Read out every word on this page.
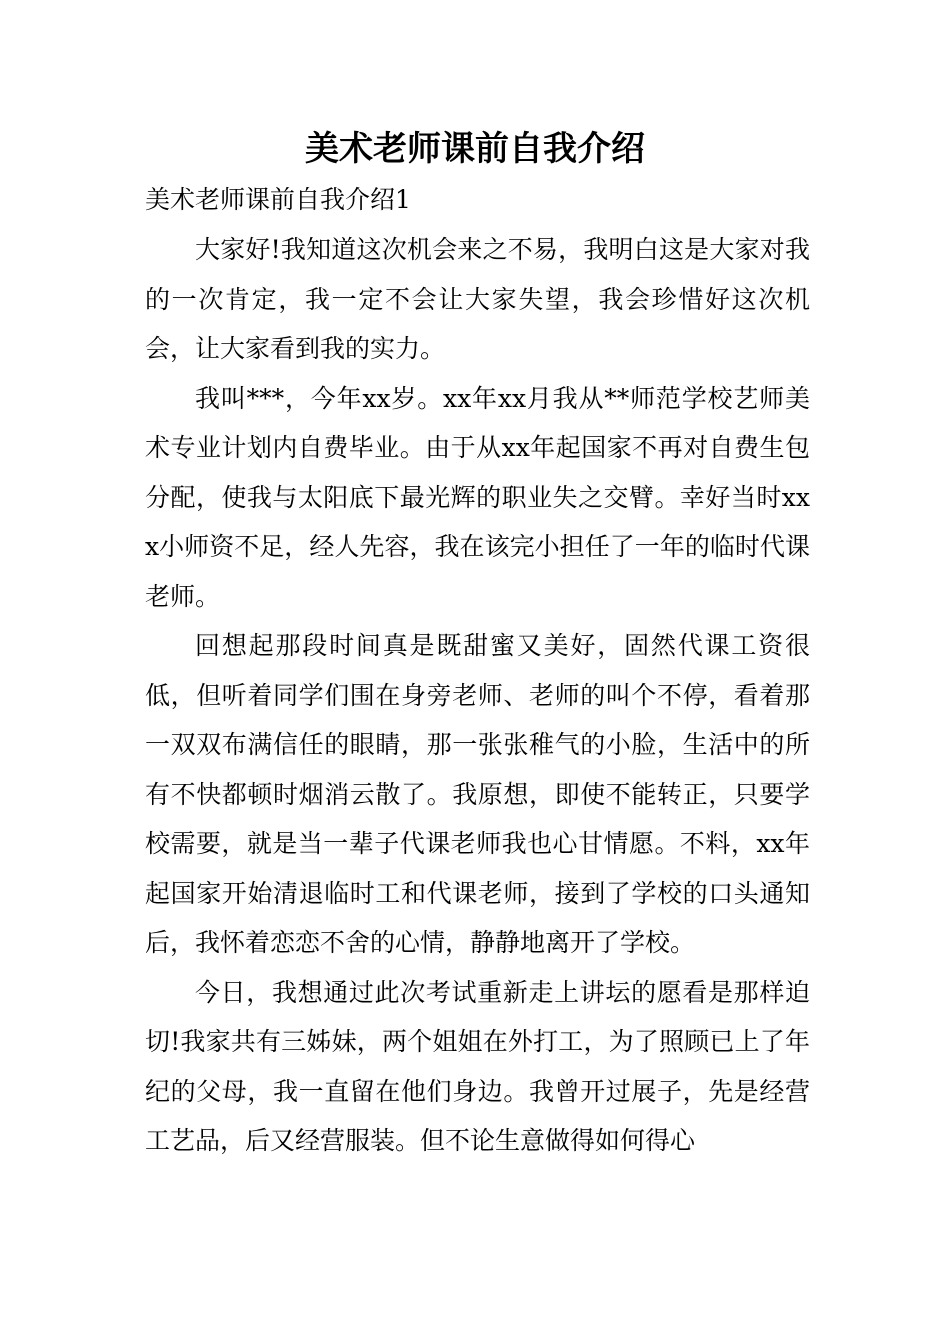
美术老师课前自我介绍
美术老师课前自我介绍1

大家好!我知道这次机会来之不易，我明白这是大家对我的一次肯定，我一定不会让大家失望，我会珍惜好这次机会，让大家看到我的实力。

我叫***，今年xx岁。xx年xx月我从**师范学校艺师美术专业计划内自费毕业。由于从xx年起国家不再对自费生包分配，使我与太阳底下最光辉的职业失之交臂。幸好当时xxx小师资不足，经人先容，我在该完小担任了一年的临时代课老师。

回想起那段时间真是既甜蜜又美好，固然代课工资很低，但听着同学们围在身旁老师、老师的叫个不停，看着那一双双布满信任的眼睛，那一张张稚气的小脸，生活中的所有不快都顿时烟消云散了。我原想，即使不能转正，只要学校需要，就是当一辈子代课老师我也心甘情愿。不料，xx年起国家开始清退临时工和代课老师，接到了学校的口头通知后，我怀着恋恋不舍的心情，静静地离开了学校。

今日，我想通过此次考试重新走上讲坛的愿看是那样迫切!我家共有三姊妹，两个姐姐在外打工，为了照顾已上了年纪的父母，我一直留在他们身边。我曾开过展子，先是经营工艺品，后又经营服装。但不论生意做得如何得心
